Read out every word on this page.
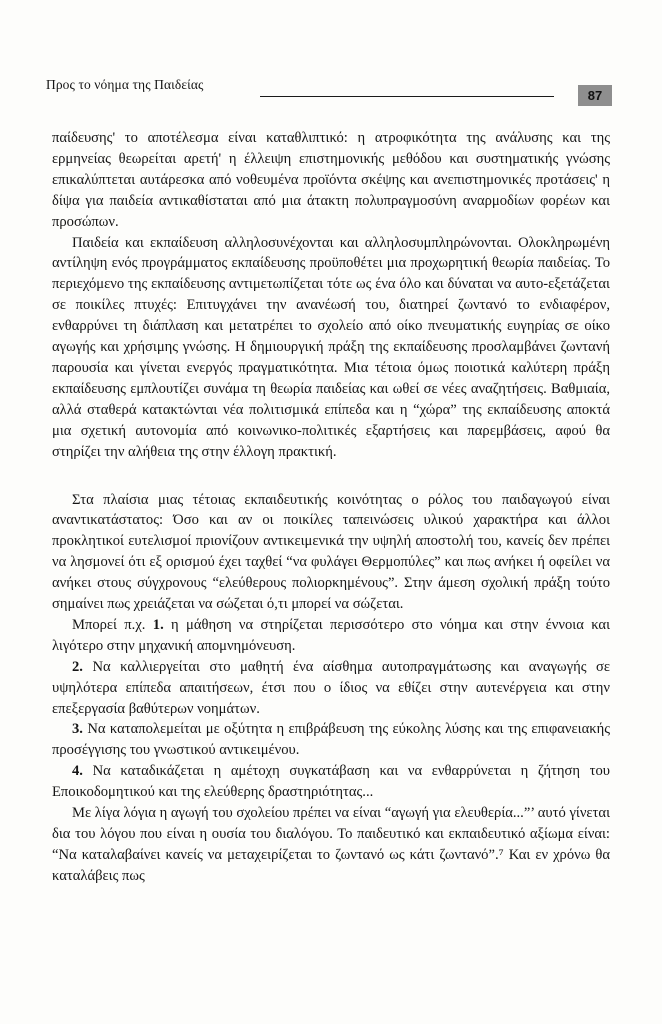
Προς το νόημα της Παιδείας
87

παίδευσης' το αποτέλεσμα είναι καταθλιπτικό: η ατροφικότητα της ανάλυσης και της ερμηνείας θεωρείται αρετή' η έλλειψη επιστημονικής μεθόδου και συστηματικής γνώσης επικαλύπτεται αυτάρεσκα από νοθευμένα προϊόντα σκέψης και ανεπιστημονικές προτάσεις' η δίψα για παιδεία αντικαθίσταται από μια άτακτη πολυπραγμοσύνη αναρμοδίων φορέων και προσώπων.

Παιδεία και εκπαίδευση αλληλοσυνέχονται και αλληλοσυμπληρώνονται. Ολοκληρωμένη αντίληψη ενός προγράμματος εκπαίδευσης προϋποθέτει μια προχωρητική θεωρία παιδείας. Το περιεχόμενο της εκπαίδευσης αντιμετωπίζεται τότε ως ένα όλο και δύναται να αυτο-εξετάζεται σε ποικίλες πτυχές: Επιτυγχάνει την ανανέωσή του, διατηρεί ζωντανό το ενδιαφέρον, ενθαρρύνει τη διάπλαση και μετατρέπει το σχολείο από οίκο πνευματικής ευγηρίας σε οίκο αγωγής και χρήσιμης γνώσης. Η δημιουργική πράξη της εκπαίδευσης προσλαμβάνει ζωντανή παρουσία και γίνεται ενεργός πραγματικότητα. Μια τέτοια όμως ποιοτικά καλύτερη πράξη εκπαίδευσης εμπλουτίζει συνάμα τη θεωρία παιδείας και ωθεί σε νέες αναζητήσεις. Βαθμιαία, αλλά σταθερά κατακτώνται νέα πολιτισμικά επίπεδα και η “χώρα” της εκπαίδευσης αποκτά μια σχετική αυτονομία από κοινωνικο-πολιτικές εξαρτήσεις και παρεμβάσεις, αφού θα στηρίζει την αλήθεια της στην έλλογη πρακτική.

Στα πλαίσια μιας τέτοιας εκπαιδευτικής κοινότητας ο ρόλος του παιδαγωγού είναι αναντικατάστατος: Όσο και αν οι ποικίλες ταπεινώσεις υλικού χαρακτήρα και άλλοι προκλητικοί ευτελισμοί πριονίζουν αντικειμενικά την υψηλή αποστολή του, κανείς δεν πρέπει να λησμονεί ότι εξ ορισμού έχει ταχθεί “να φυλάγει Θερμοπύλες” και πως ανήκει ή οφείλει να ανήκει στους σύγχρονους “ελεύθερους πολιορκημένους”. Στην άμεση σχολική πράξη τούτο σημαίνει πως χρειάζεται να σώζεται ό,τι μπορεί να σώζεται.

Μπορεί π.χ. 1. η μάθηση να στηρίζεται περισσότερο στο νόημα και στην έννοια και λιγότερο στην μηχανική απομνημόνευση.

2. Να καλλιεργείται στο μαθητή ένα αίσθημα αυτοπραγμάτωσης και αναγωγής σε υψηλότερα επίπεδα απαιτήσεων, έτσι που ο ίδιος να εθίζει στην αυτενέργεια και στην επεξεργασία βαθύτερων νοημάτων.

3. Να καταπολεμείται με οξύτητα η επιβράβευση της εύκολης λύσης και της επιφανειακής προσέγγισης του γνωστικού αντικειμένου.

4. Να καταδικάζεται η αμέτοχη συγκατάβαση και να ενθαρρύνεται η ζήτηση του Εποικοδομητικού και της ελεύθερης δραστηριότητας...

Με λίγα λόγια η αγωγή του σχολείου πρέπει να είναι “αγωγή για ελευθερία...”’ αυτό γίνεται δια του λόγου που είναι η ουσία του διαλόγου. Το παιδευτικό και εκπαιδευτικό αξίωμα είναι: “Να καταλαβαίνει κανείς να μεταχειρίζεται το ζωντανό ως κάτι ζωντανό”.⁷ Και εν χρόνω θα καταλάβεις πως
